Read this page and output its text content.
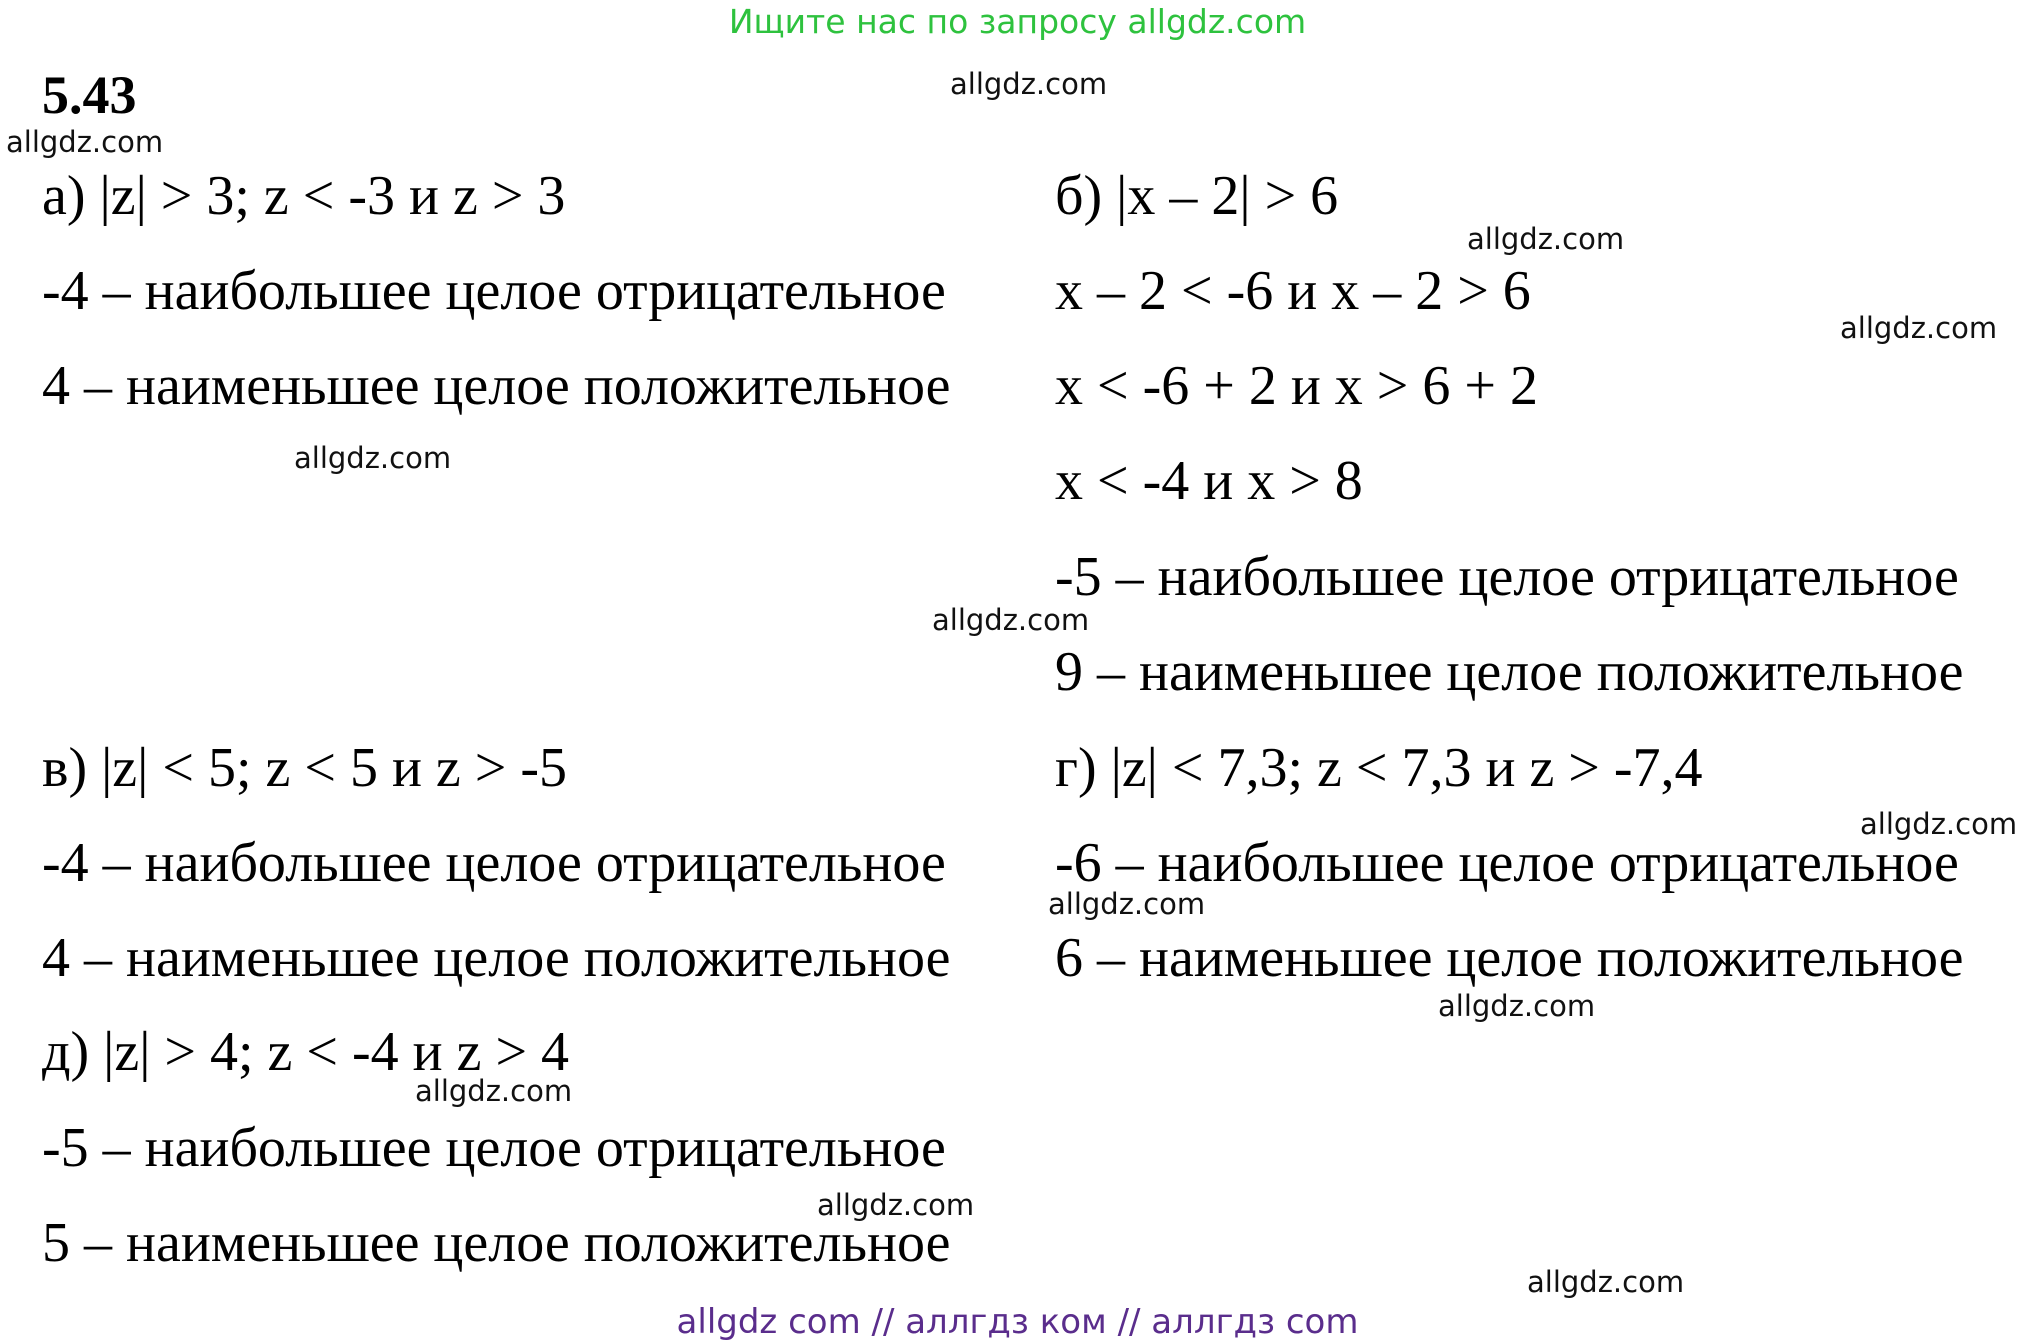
Ищите нас по запросу allgdz.com
5.43
а) |z| > 3; z < -3 и z > 3
-4 – наибольшее целое отрицательное
4 – наименьшее целое положительное
в) |z| < 5; z < 5 и z > -5
-4 – наибольшее целое отрицательное
4 – наименьшее целое положительное
д) |z| > 4; z < -4 и z > 4
-5 – наибольшее целое отрицательное
5 – наименьшее целое положительное
б) |x – 2| > 6
x – 2 < -6 и x – 2 > 6
x < -6 + 2 и x > 6 + 2
x < -4 и x > 8
-5 – наибольшее целое отрицательное
9 – наименьшее целое положительное
г) |z| < 7,3; z < 7,3 и z > -7,4
-6 – наибольшее целое отрицательное
6 – наименьшее целое положительное
allgdz.com
allgdz.com
allgdz.com
allgdz.com
allgdz.com
allgdz.com
allgdz.com
allgdz.com
allgdz.com
allgdz.com
allgdz.com
allgdz.com
allgdz com // аллгдз ком // аллгдз com
